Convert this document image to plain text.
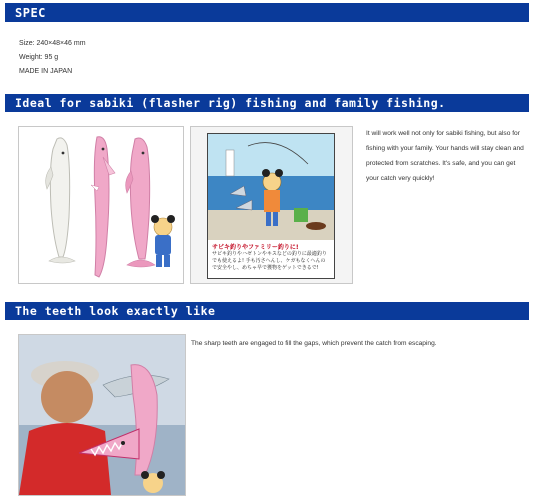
SPEC
Size: 240×48×46 mm
Weight: 95 g
MADE IN JAPAN
Ideal for sabiki (flasher rig) fishing and family fishing.
サビキ釣りやファミリー釣りに!
サビキ釣りやハゼトンやキスなどの釣りに最適釣りでも使えるよ! 手も汚さへんし、ケガもなくへんので安全やし、めちゃ早で獲物をゲットできるで!
It will work well not only for sabiki fishing, but also for fishing with your family. Your hands will stay clean and protected from scratches. It's safe, and you can get your catch very quickly!
The teeth look exactly like
The sharp teeth are engaged to fill the gaps, which prevent the catch from escaping.
